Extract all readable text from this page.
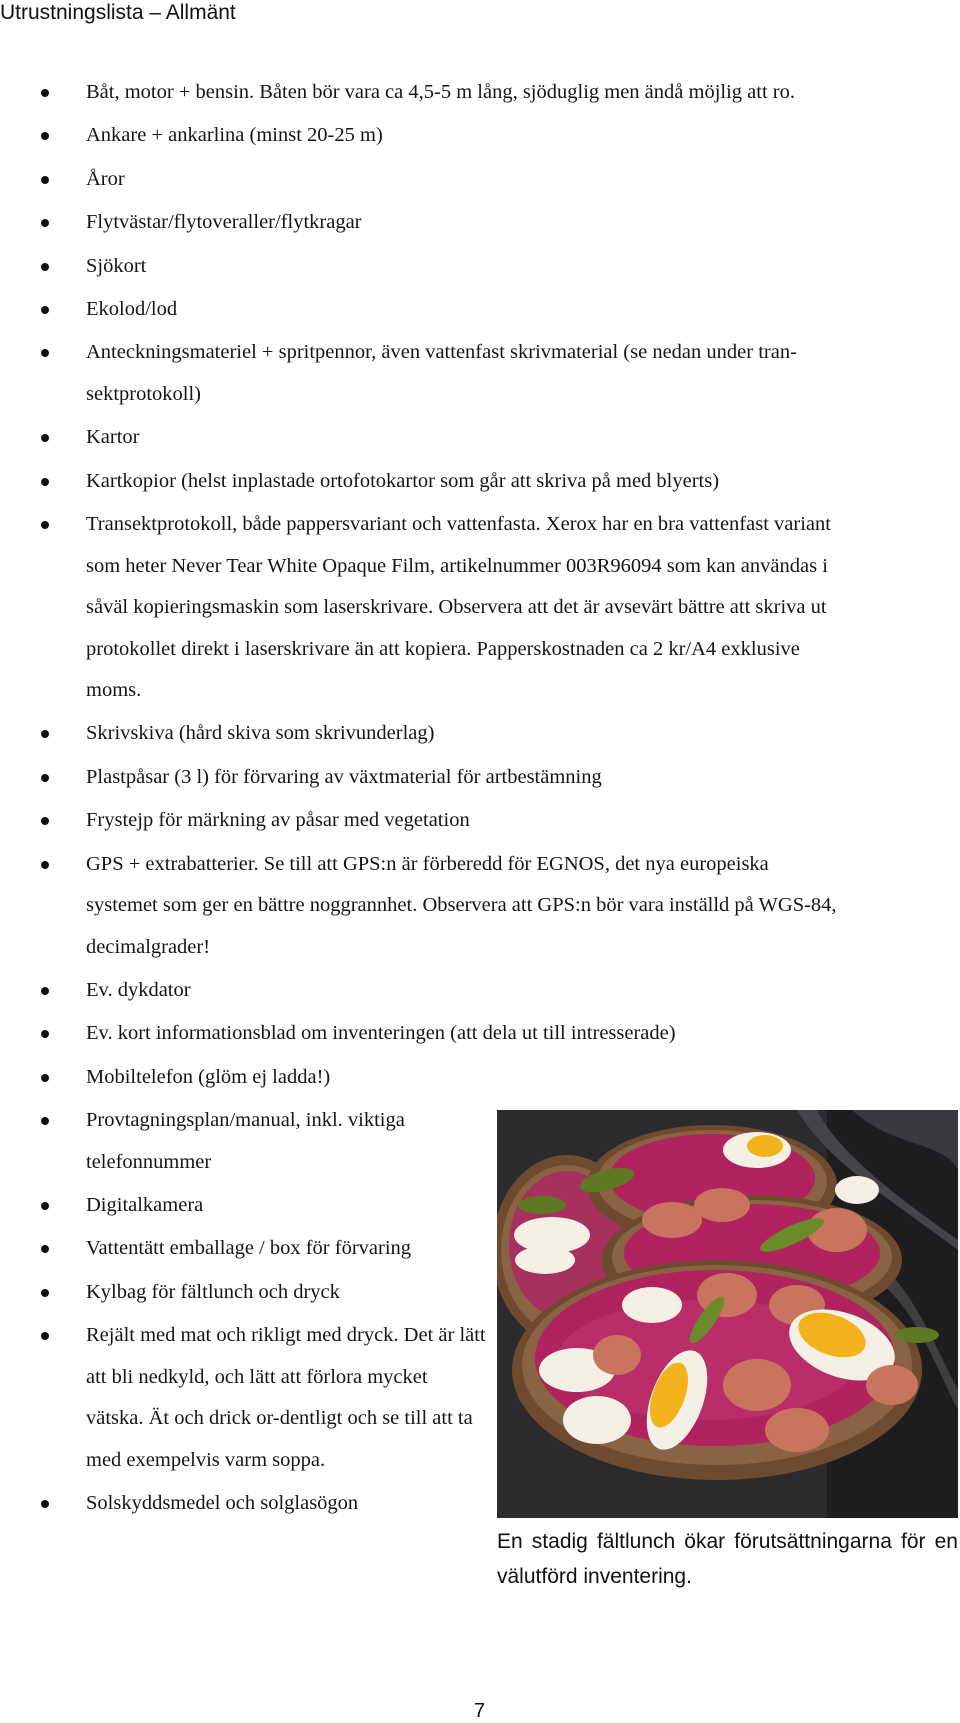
Utrustningslista – Allmänt
Båt, motor + bensin. Båten bör vara ca 4,5-5 m lång, sjöduglig men ändå möjlig att ro.
Ankare + ankarlina (minst 20-25 m)
Åror
Flytvästar/flytoveraller/flytkragar
Sjökort
Ekolod/lod
Anteckningsmateriel + spritpennor, även vattenfast skrivmaterial (se nedan under tran-sektprotokoll)
Kartor
Kartkopior (helst inplastade ortofotokartor som går att skriva på med blyerts)
Transektprotokoll, både pappersvariant och vattenfasta. Xerox har en bra vattenfast variant som heter Never Tear White Opaque Film, artikelnummer 003R96094 som kan användas i såväl kopieringsmaskin som laserskrivare. Observera att det är avsevärt bättre att skriva ut protokollet direkt i laserskrivare än att kopiera. Papperskostnaden ca 2 kr/A4 exklusive moms.
Skrivskiva (hård skiva som skrivunderlag)
Plastpåsar (3 l) för förvaring av växtmaterial för artbestämning
Frystejp för märkning av påsar med vegetation
GPS + extrabatterier. Se till att GPS:n är förberedd för EGNOS, det nya europeiska systemet som ger en bättre noggrannhet. Observera att GPS:n bör vara inställd på WGS-84, decimalgrader!
Ev. dykdator
Ev. kort informationsblad om inventeringen (att dela ut till intresserade)
Mobiltelefon (glöm ej ladda!)
Provtagningsplan/manual, inkl. viktiga telefonnummer
Digitalkamera
Vattentätt emballage / box för förvaring
Kylbag för fältlunch och dryck
Rejält med mat och rikligt med dryck. Det är lätt att bli nedkyld, och lätt att förlora mycket vätska. Ät och drick or-dentligt och se till att ta med exempelvis varm soppa.
Solskyddsmedel och solglasögon
En stadig fältlunch ökar förutsättningarna för en välutförd inventering.
7
